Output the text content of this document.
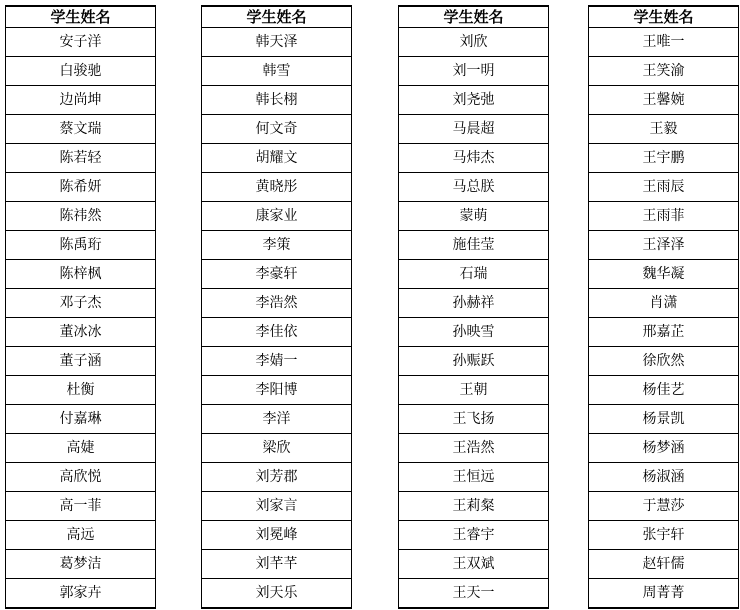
学生姓名
安子洋
白骏驰
边尚坤
蔡文瑞
陈若轻
陈希妍
陈祎然
陈禹珩
陈梓枫
邓子杰
董冰冰
董子涵
杜衡
付嘉琳
高婕
高欣悦
高一菲
高远
葛梦洁
郭家卉
学生姓名
韩天泽
韩雪
韩长栩
何文奇
胡耀文
黄晓彤
康家业
李策
李豪轩
李浩然
李佳依
李婧一
李阳博
李洋
梁欣
刘芳郡
刘家言
刘冕峰
刘芊芊
刘天乐
学生姓名
刘欣
刘一明
刘尧弛
马晨超
马炜杰
马总朕
蒙萌
施佳莹
石瑞
孙赫祥
孙映雪
孙赈跃
王朝
王飞扬
王浩然
王恒远
王莉粲
王睿宇
王双斌
王天一
学生姓名
王唯一
王笑渝
王馨婉
王毅
王宇鹏
王雨辰
王雨菲
王泽泽
魏华凝
肖潇
邢嘉芷
徐欣然
杨佳艺
杨景凯
杨梦涵
杨淑涵
于慧莎
张宇轩
赵轩儒
周菁菁
